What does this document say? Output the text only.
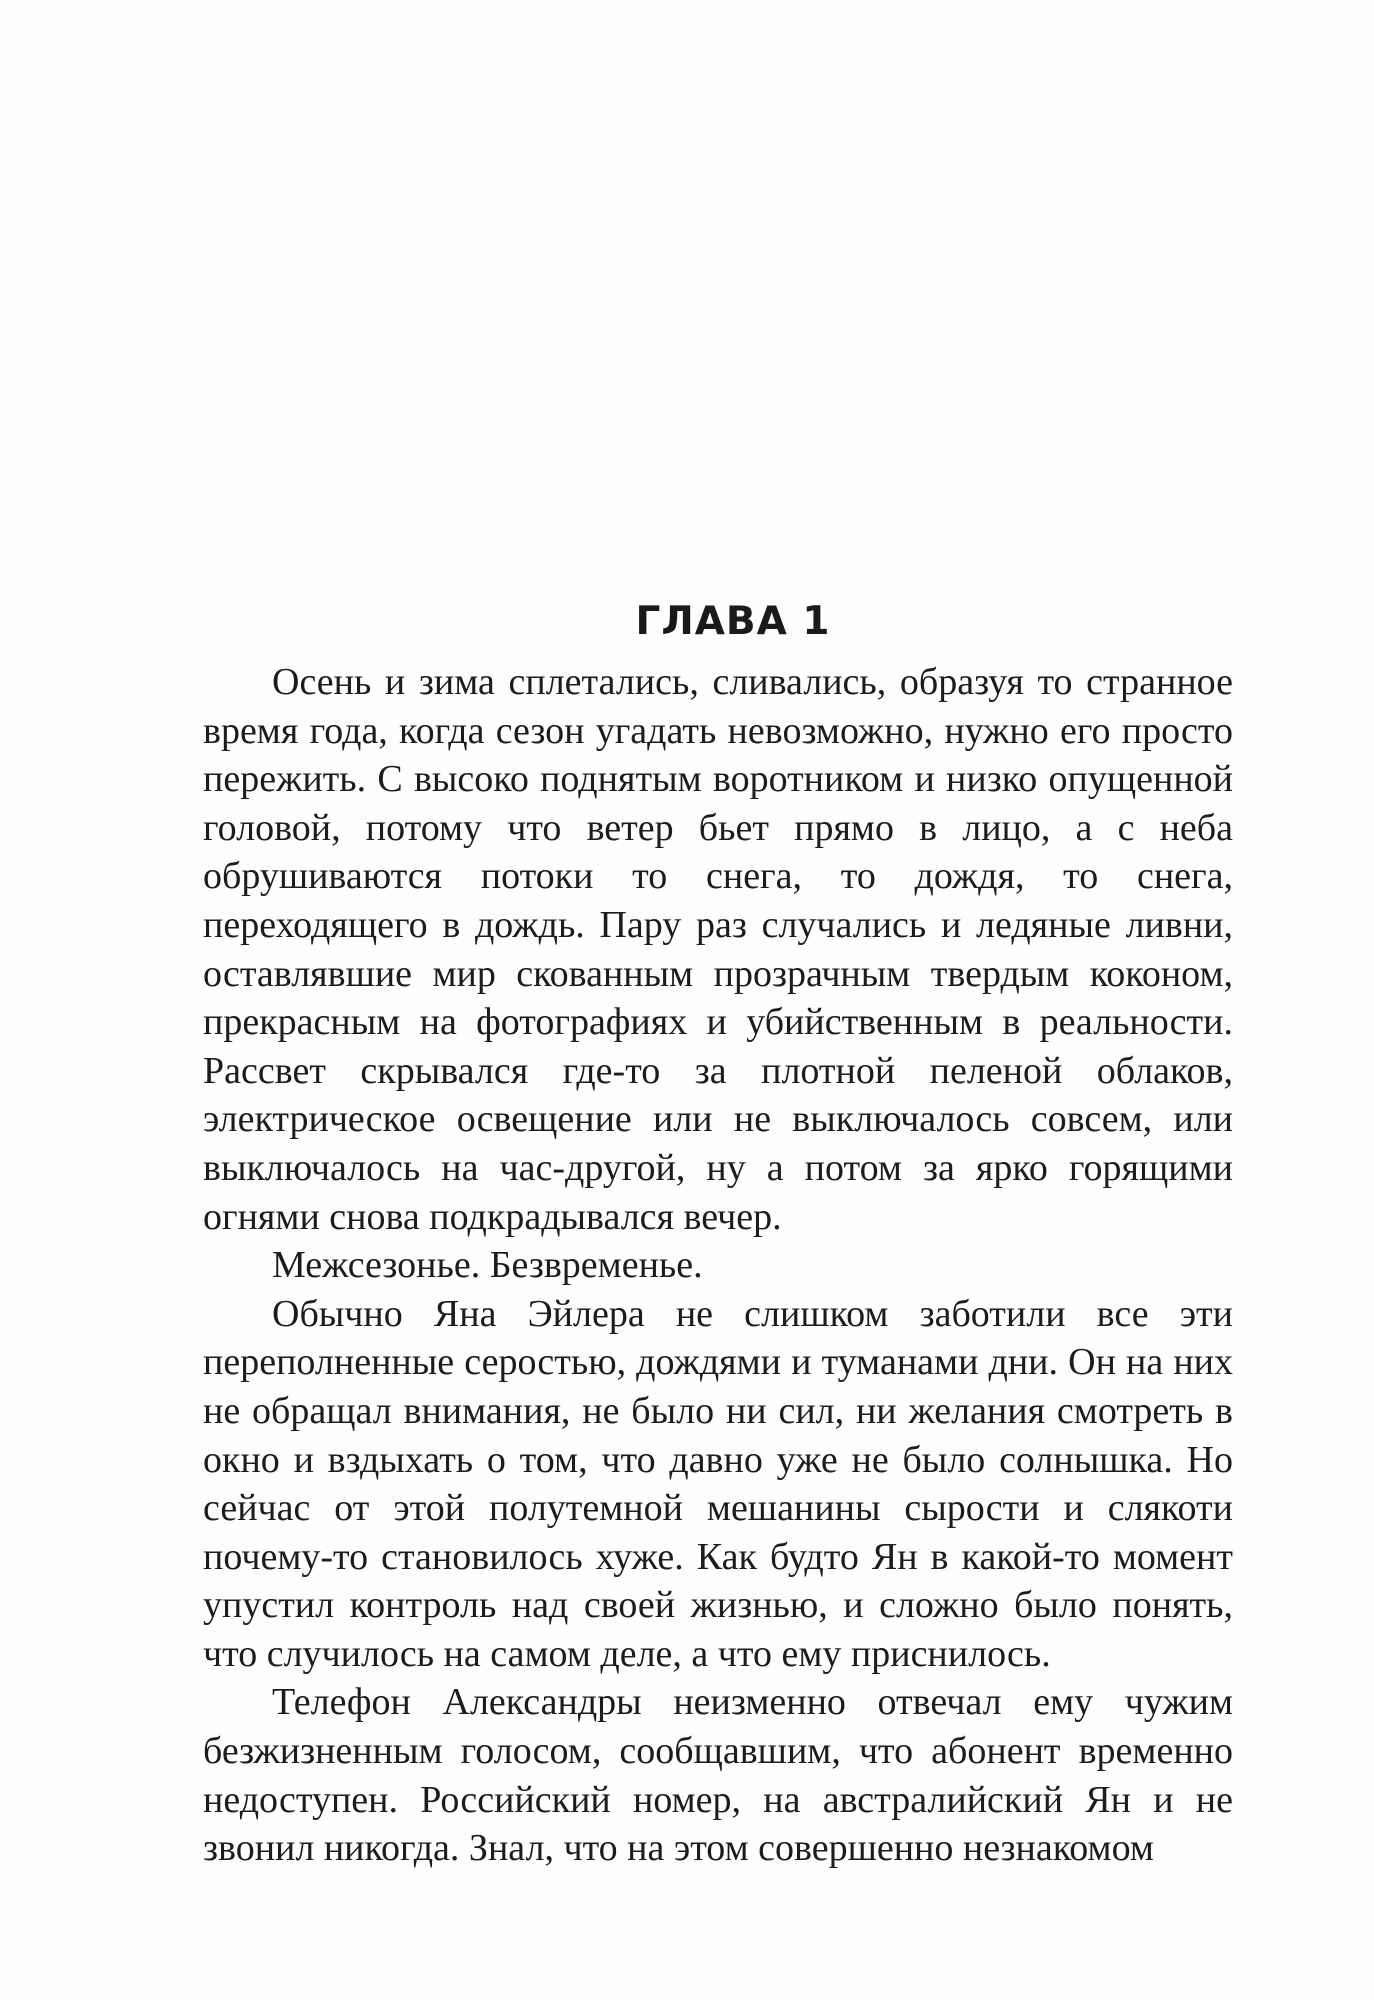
ГЛАВА 1

Осень и зима сплетались, сливались, образуя то странное время года, когда сезон угадать невозможно, нужно его просто пережить. С высоко поднятым воротником и низко опущенной головой, потому что ветер бьет прямо в лицо, а с неба обрушиваются потоки то снега, то дождя, то снега, переходящего в дождь. Пару раз случались и ледяные ливни, оставлявшие мир скованным прозрачным твердым коконом, прекрасным на фотографиях и убийственным в реальности. Рассвет скрывался где-то за плотной пеленой облаков, электрическое освещение или не выключалось совсем, или выключалось на час-другой, ну а потом за ярко горящими огнями снова подкрадывался вечер.

Межсезонье. Безвременье.

Обычно Яна Эйлера не слишком заботили все эти переполненные серостью, дождями и туманами дни. Он на них не обращал внимания, не было ни сил, ни желания смотреть в окно и вздыхать о том, что давно уже не было солнышка. Но сейчас от этой полутемной мешанины сырости и слякоти почему-то становилось хуже. Как будто Ян в какой-то момент упустил контроль над своей жизнью, и сложно было понять, что случилось на самом деле, а что ему приснилось.

Телефон Александры неизменно отвечал ему чужим безжизненным голосом, сообщавшим, что абонент временно недоступен. Российский номер, на австралийский Ян и не звонил никогда. Знал, что на этом совершенно незнакомом
